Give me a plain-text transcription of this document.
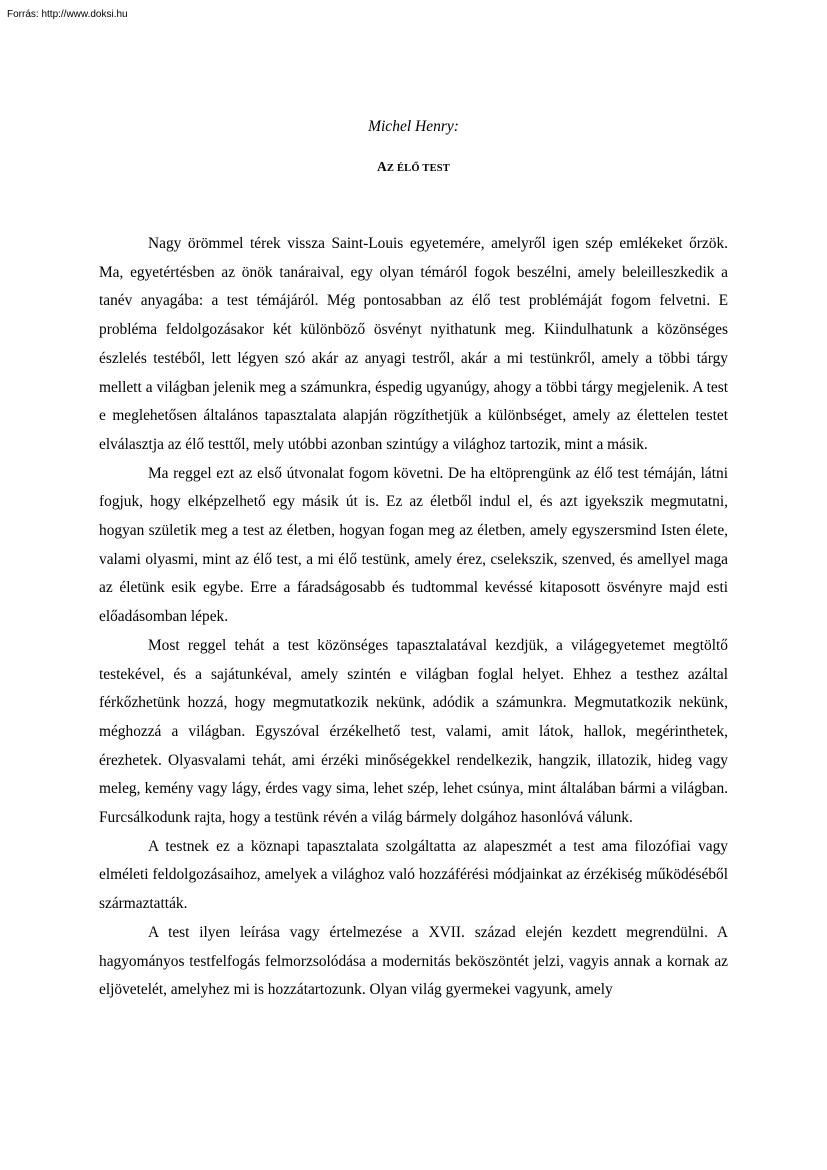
Forrás: http://www.doksi.hu
Michel Henry:
AZ ÉLŐ TEST

Nagy örömmel térek vissza Saint-Louis egyetemére, amelyről igen szép emlékeket őrzök. Ma, egyetértésben az önök tanáraival, egy olyan témáról fogok beszélni, amely beleilleszkedik a tanév anyagába: a test témájáról. Még pontosabban az élő test problémáját fogom felvetni. E probléma feldolgozásakor két különböző ösvényt nyithatunk meg. Kiindulhatunk a közönséges észlelés testéből, lett légyen szó akár az anyagi testről, akár a mi testünkről, amely a többi tárgy mellett a világban jelenik meg a számunkra, éspedig ugyanúgy, ahogy a többi tárgy megjelenik. A test e meglehetősen általános tapasztalata alapján rögzíthetjük a különbséget, amely az élettelen testet elválasztja az élő testtől, mely utóbbi azonban szintúgy a világhoz tartozik, mint a másik.

Ma reggel ezt az első útvonalat fogom követni. De ha eltöprengünk az élő test témáján, látni fogjuk, hogy elképzelhető egy másik út is. Ez az életből indul el, és azt igyekszik megmutatni, hogyan születik meg a test az életben, hogyan fogan meg az életben, amely egyszersmind Isten élete, valami olyasmi, mint az élő test, a mi élő testünk, amely érez, cselekszik, szenved, és amellyel maga az életünk esik egybe. Erre a fáradságosabb és tudtommal kevéssé kitaposott ösvényre majd esti előadásomban lépek.

Most reggel tehát a test közönséges tapasztalatával kezdjük, a világegyetemet megtöltő testekével, és a sajátunkéval, amely szintén e világban foglal helyet. Ehhez a testhez azáltal férkőzhetünk hozzá, hogy megmutatkozik nekünk, adódik a számunkra. Megmutatkozik nekünk, méghozzá a világban. Egyszóval érzékelhető test, valami, amit látok, hallok, megérinthetek, érezhetek. Olyasvalami tehát, ami érzéki minőségekkel rendelkezik, hangzik, illatozik, hideg vagy meleg, kemény vagy lágy, érdes vagy sima, lehet szép, lehet csúnya, mint általában bármi a világban. Furcsálkodunk rajta, hogy a testünk révén a világ bármely dolgához hasonlóvá válunk.

A testnek ez a köznapi tapasztalata szolgáltatta az alapeszmét a test ama filozófiai vagy elméleti feldolgozásaihoz, amelyek a világhoz való hozzáférési módjainkat az érzékiség működéséből származtatták.

A test ilyen leírása vagy értelmezése a XVII. század elején kezdett megrendülni. A hagyományos testfelfogás felmorzsolódása a modernitás beköszöntét jelzi, vagyis annak a kornak az eljövetelét, amelyhez mi is hozzátartozunk. Olyan világ gyermekei vagyunk, amely
